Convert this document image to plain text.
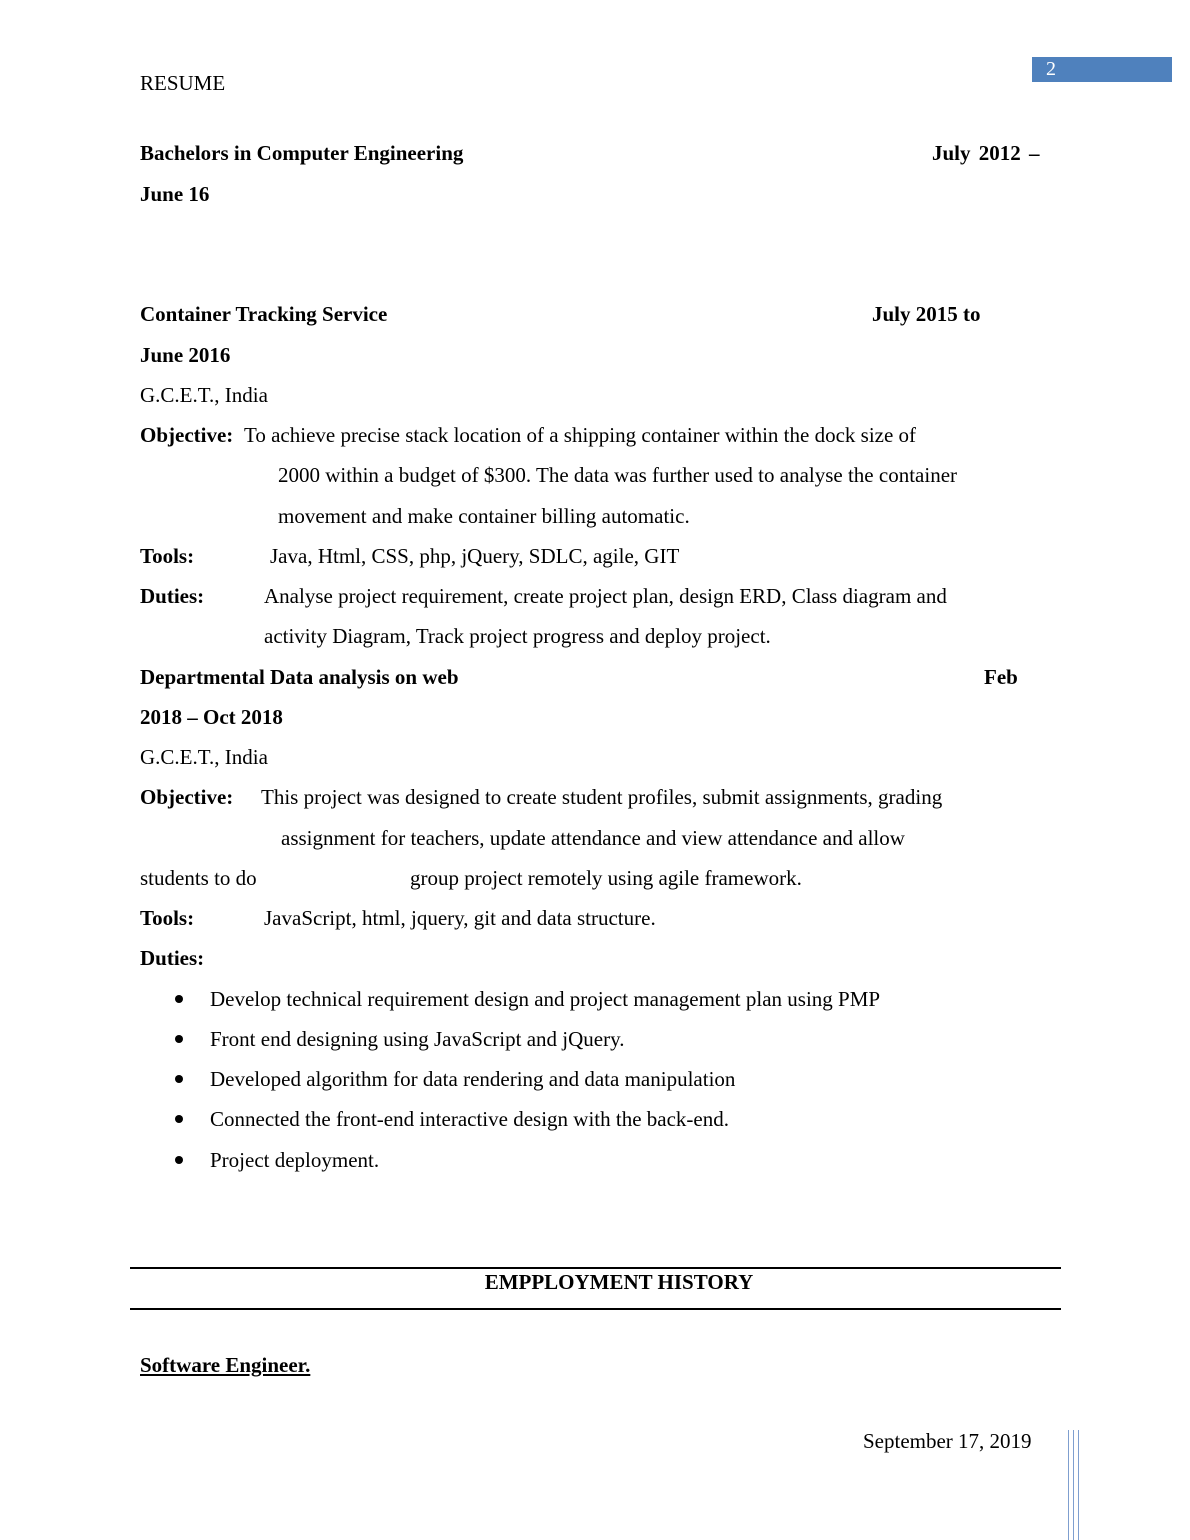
RESUME
2
Bachelors in Computer Engineering	July 2012 –
June 16
Container Tracking Service	July 2015 to
June 2016
G.C.E.T., India
Objective: To achieve precise stack location of a shipping container within the dock size of
2000 within a budget of $300. The data was further used to analyse the container
movement and make container billing automatic.
Tools:	Java, Html, CSS, php, jQuery, SDLC, agile, GIT
Duties:	Analyse project requirement, create project plan, design ERD, Class diagram and
activity Diagram, Track project progress and deploy project.
Departmental Data analysis on web	Feb
2018 – Oct 2018
G.C.E.T., India
Objective: This project was designed to create student profiles, submit assignments, grading
assignment for teachers, update attendance and view attendance and allow
students to do	group project remotely using agile framework.
Tools:	JavaScript, html, jquery, git and data structure.
Duties:
Develop technical requirement design and project management plan using PMP
Front end designing using JavaScript and jQuery.
Developed algorithm for data rendering and data manipulation
Connected the front-end interactive design with the back-end.
Project deployment.
EMPPLOYMENT HISTORY
Software Engineer.
September 17, 2019
